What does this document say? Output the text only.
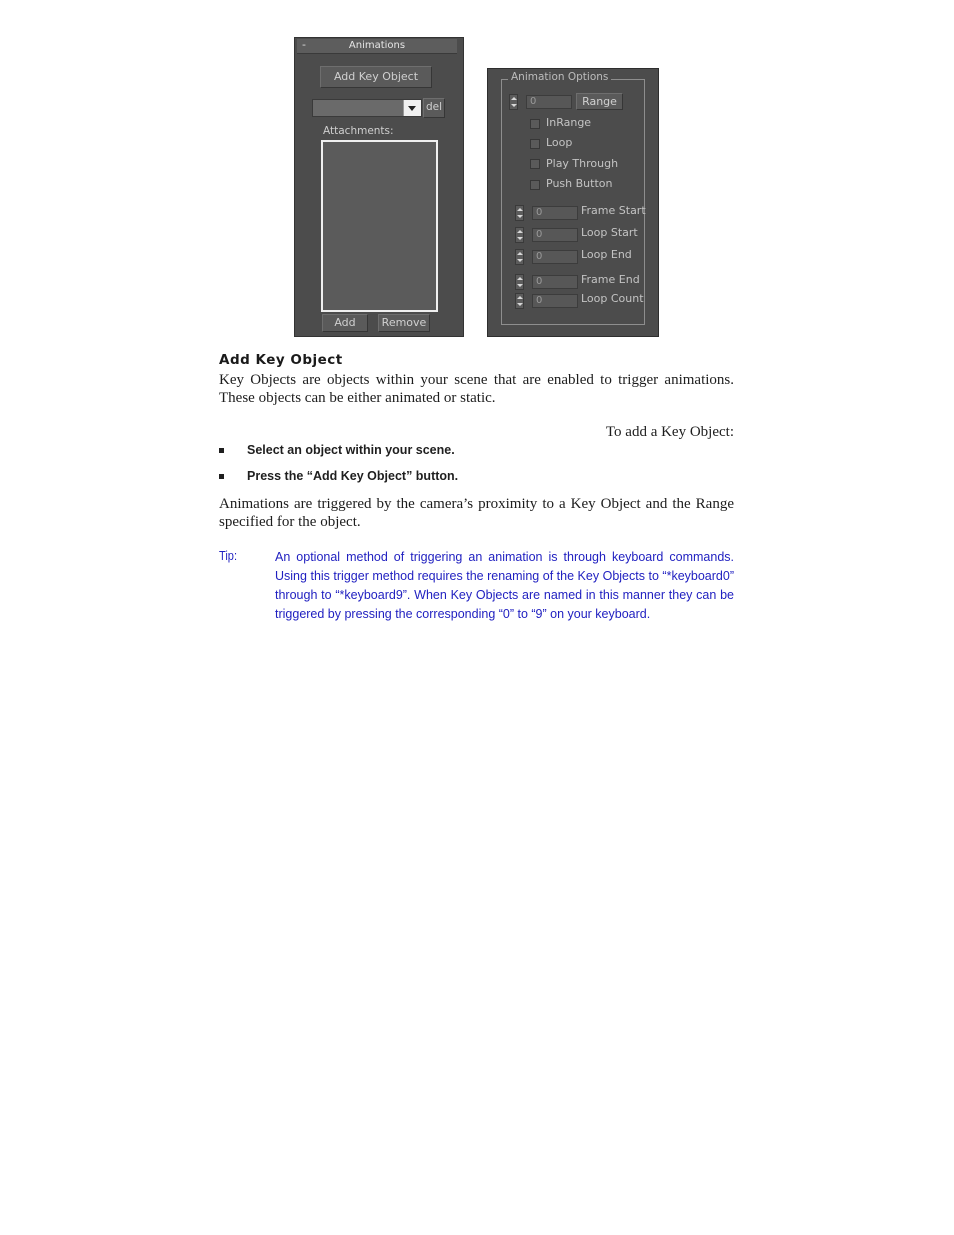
-	Animations
Add Key Object
del
Attachments:
Add	Remove
Animation Options
0	Range
InRange
Loop
Play Through
Push Button
0	Frame Start
0	Loop Start
0	Loop End
0	Frame End
0	Loop Count
Add Key Object

Key Objects are objects within your scene that are enabled to trigger animations. These objects can be either animated or static.

To add a Key Object:
Select an object within your scene.
Press the “Add Key Object” button.

Animations are triggered by the camera’s proximity to a Key Object and the Range specified for the object.

Tip:	An optional method of triggering an animation is through keyboard commands. Using this trigger method requires the renaming of the Key Objects to “*keyboard0” through to “*keyboard9”. When Key Objects are named in this manner they can be triggered by pressing the corresponding “0” to “9” on your keyboard.
